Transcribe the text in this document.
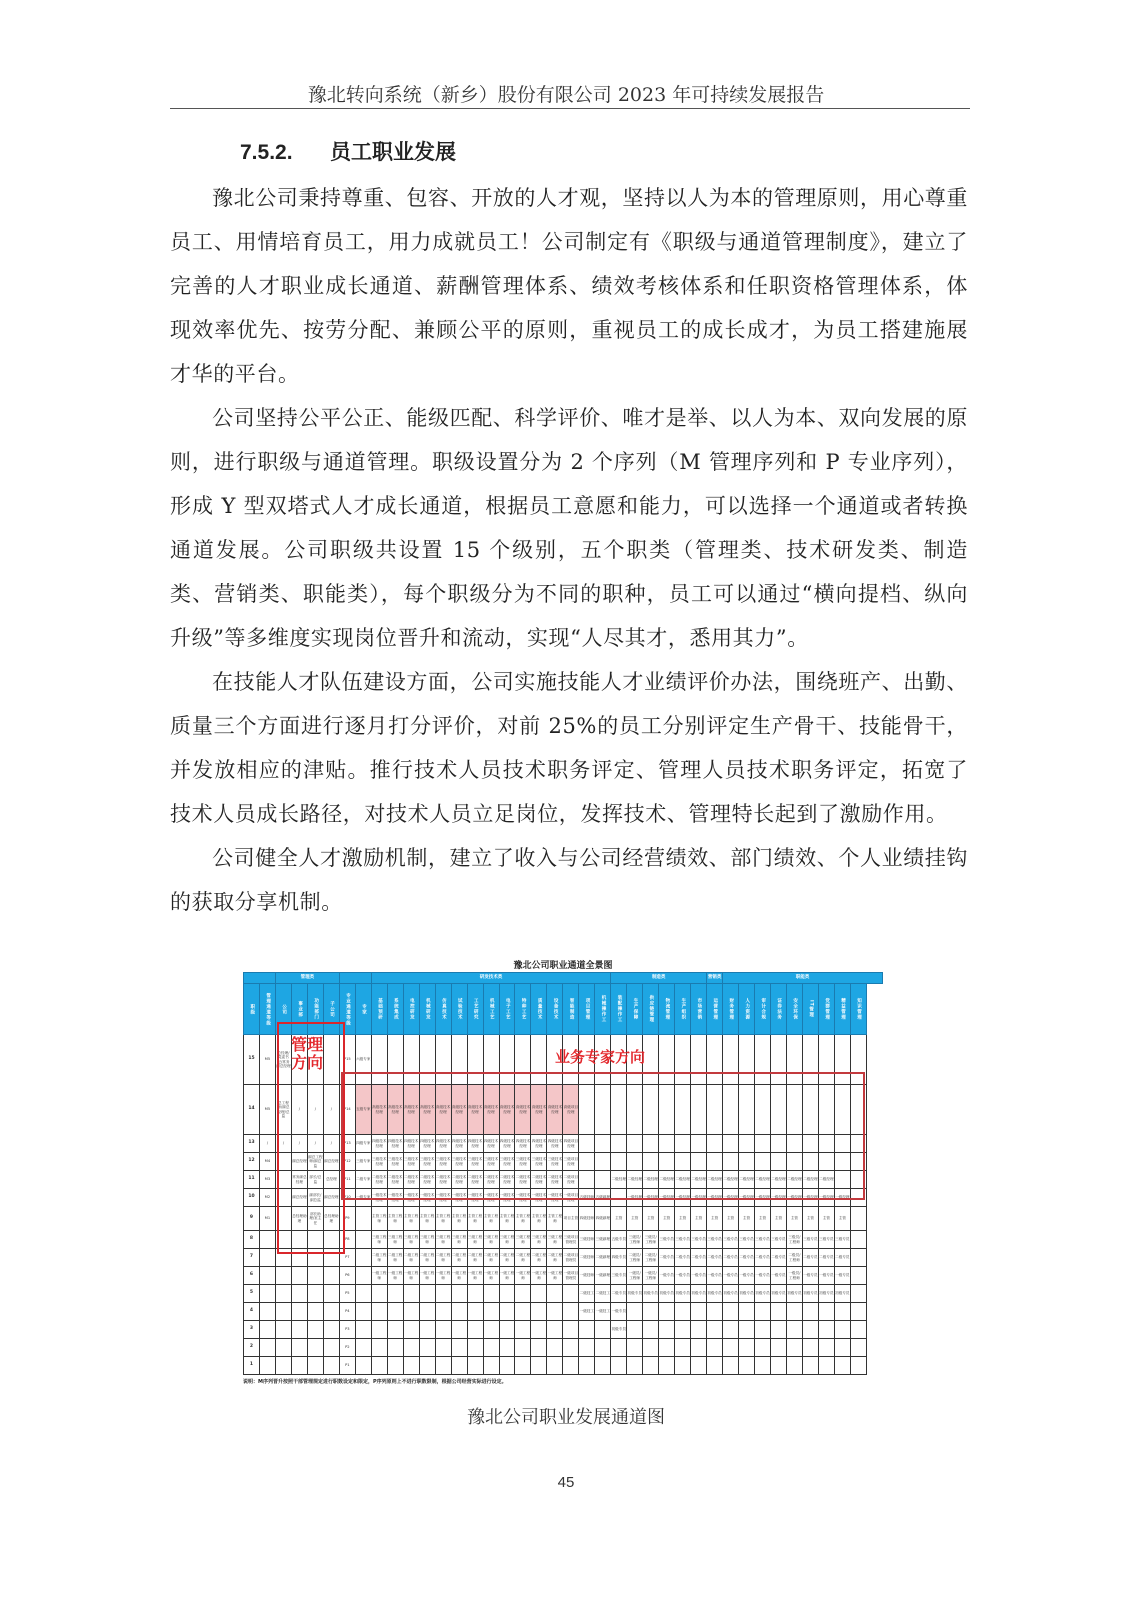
豫北转向系统（新乡）股份有限公司 2023 年可持续发展报告
7.5.2. 员工职业发展

豫北公司秉持尊重、包容、开放的人才观，坚持以人为本的管理原则，用心尊重员工、用情培育员工，用力成就员工！公司制定有《职级与通道管理制度》，建立了完善的人才职业成长通道、薪酬管理体系、绩效考核体系和任职资格管理体系，体现效率优先、按劳分配、兼顾公平的原则，重视员工的成长成才，为员工搭建施展才华的平台。

公司坚持公平公正、能级匹配、科学评价、唯才是举、以人为本、双向发展的原则，进行职级与通道管理。职级设置分为 2 个序列（M 管理序列和 P 专业序列），形成 Y 型双塔式人才成长通道，根据员工意愿和能力，可以选择一个通道或者转换通道发展。公司职级共设置 15 个级别，五个职类（管理类、技术研发类、制造类、营销类、职能类），每个职级分为不同的职种，员工可以通过“横向提档、纵向升级”等多维度实现岗位晋升和流动，实现“人尽其才，悉用其力”。

在技能人才队伍建设方面，公司实施技能人才业绩评价办法，围绕班产、出勤、质量三个方面进行逐月打分评价，对前 25%的员工分别评定生产骨干、技能骨干，并发放相应的津贴。推行技术人员技术职务评定、管理人员技术职务评定，拓宽了技术人员成长路径，对技术人员立足岗位，发挥技术、管理特长起到了激励作用。

公司健全人才激励机制，建立了收入与公司经营绩效、部门绩效、个人业绩挂钩的获取分享机制。

豫北公司职业通道全景图
		管理类						研发技术类															制造类						营销类	职能类								
职级	管理通道等级	公司	事业部	功能部门	子公司	专业通道等级	专家	基础预研	系统集成	电控研发	机械研发	仿真技术	试验技术	工艺研究	机械工艺	电子工艺	特种工艺	质量技术	设备技术	智能制造	项目管理	机械操作工	装配操作工	生产保障	供应链管理	物流管理	生产组织	市场营销	运营管理	财务管理	人力资源	审计合规	证券法务	安全环保	IT管理	党群管理	精益管理	知识管理
15	M5	总经理/党委书记/常务副总经理				P15	六级专家																															
14	M5	总工程师/副总经理/总监	/	/	/	P14	五级专家	高级技术经理	高级技术经理	高级技术经理	高级技术经理	高级技术经理	高级技术经理	高级技术经理	高级技术经理	高级技术经理	高级技术经理	高级技术经理	高级技术经理	高级项目经理																		
13	/	/	/	/	/	P13	四级专家	四级技术经理	四级技术经理	四级技术经理	四级技术经理	四级技术经理	四级技术经理	四级技术经理	四级技术经理	四级技术经理	四级技术经理	四级技术经理	四级技术经理	四级项目经理																		
12	M4		副总经理	副总工程师/副总监	副总经理	P12	三级专家	三级技术经理	三级技术经理	三级技术经理	三级技术经理	三级技术经理	三级技术经理	三级技术经理	三级技术经理	三级技术经理	三级技术经理	三级技术经理	三级技术经理	三级项目经理																		
11	M3		常务副总经理	部长/总监	总经理	P11	二级专家	二级技术经理	二级技术经理	二级技术经理	二级技术经理	二级技术经理	二级技术经理	二级技术经理	二级技术经理	二级技术经理	二级技术经理	二级技术经理	二级技术经理	二级项目经理			二级经理	二级经理	二级经理	二级经理	二级经理	二级经理	二级经理	二级经理	二级经理	二级经理	二级经理	二级经理	二级经理	二级经理		
10	M2		副总经理	副部长/副总监	副总经理	P10	一级专家	一级技术经理	一级技术经理	一级技术经理	一级技术经理	一级技术经理	一级技术经理	一级技术经理	一级技术经理	一级技术经理	一级技术经理	一级技术经理	一级技术经理	一级项目经理	五级技师	五级副理		一级经理	一级经理	一级经理	一级经理	一级经理	一级经理	一级经理	一级经理	一级经理	一级经理	一级经理	一级经理	一级经理	一级经理	
9	M1		总经理助理	部长助理/室主任	总经理助理	P9		主管工程师	主管工程师	主管工程师	主管工程师	主管工程师	主管工程师	主管工程师	主管工程师	主管工程师	主管工程师	主管工程师	主管工程师	项目主管	四级技师	四级副理	主管	主管	主管	主管	主管	主管	主管	主管	主管	主管	主管	主管	主管	主管	主管	
8						P8		三级工程师	三级工程师	三级工程师	三级工程师	三级工程师	三级工程师	三级工程师	三级工程师	三级工程师	三级工程师	三级工程师	三级工程师	三级项目管理员	三级技师	三级副理	五级专员	三级员/工程师	三级员/工程师	三级专员	三级专员	三级专员	三级专员	三级专员	三级专员	三级专员	三级专员	三级员/工程师	三级专员	三级专员	三级专员	
7						P7		二级工程师	二级工程师	二级工程师	二级工程师	二级工程师	二级工程师	二级工程师	二级工程师	二级工程师	二级工程师	二级工程师	二级工程师	二级项目管理员	二级技师	二级副理	四级专员	二级员/工程师	二级员/工程师	二级专员	二级专员	二级专员	二级专员	二级专员	二级专员	二级专员	二级专员	二级员/工程师	二级专员	二级专员	二级专员	
6						P6		一级工程师	一级工程师	一级工程师	一级工程师	一级工程师	一级工程师	一级工程师	一级工程师	一级工程师	一级工程师	一级工程师	一级工程师	一级项目管理员	一级技师	一级副理	三级专员	一级员/工程师	一级员/工程师	一级专员	一级专员	一级专员	一级专员	一级专员	一级专员	一级专员	一级专员	一级员/工程师	一级专员	一级专员	一级专员	
5						P5															二级技工	二级技工	二级专员	初级专员	初级专员	初级专员	初级专员	初级专员	初级专员	初级专员	初级专员	初级专员	初级专员	初级专员	初级专员	初级专员	初级专员	
4						P4															一级技工	一级技工	一级专员															
3						P3																	初级专员															
2						P2																																
1						P1																																
管理方向	业务专家方向
说明：M序列晋升按照干部管理规定进行职数设定和限定，P序列原则上不进行职数限制，根据公司经营实际进行设定。
豫北公司职业发展通道图
45
